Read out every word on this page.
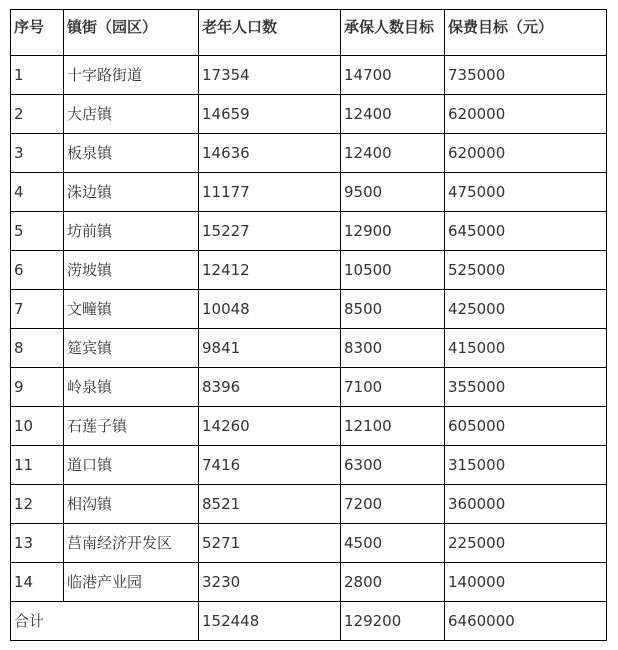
序号	镇街（园区）	老年人口数	承保人数目标	保费目标（元）
1	十字路街道	17354	14700	735000
2	大店镇	14659	12400	620000
3	板泉镇	14636	12400	620000
4	洙边镇	11177	9500	475000
5	坊前镇	15227	12900	645000
6	涝坡镇	12412	10500	525000
7	文疃镇	10048	8500	425000
8	筵宾镇	9841	8300	415000
9	岭泉镇	8396	7100	355000
10	石莲子镇	14260	12100	605000
11	道口镇	7416	6300	315000
12	相沟镇	8521	7200	360000
13	莒南经济开发区	5271	4500	225000
14	临港产业园	3230	2800	140000
合计		152448	129200	6460000
